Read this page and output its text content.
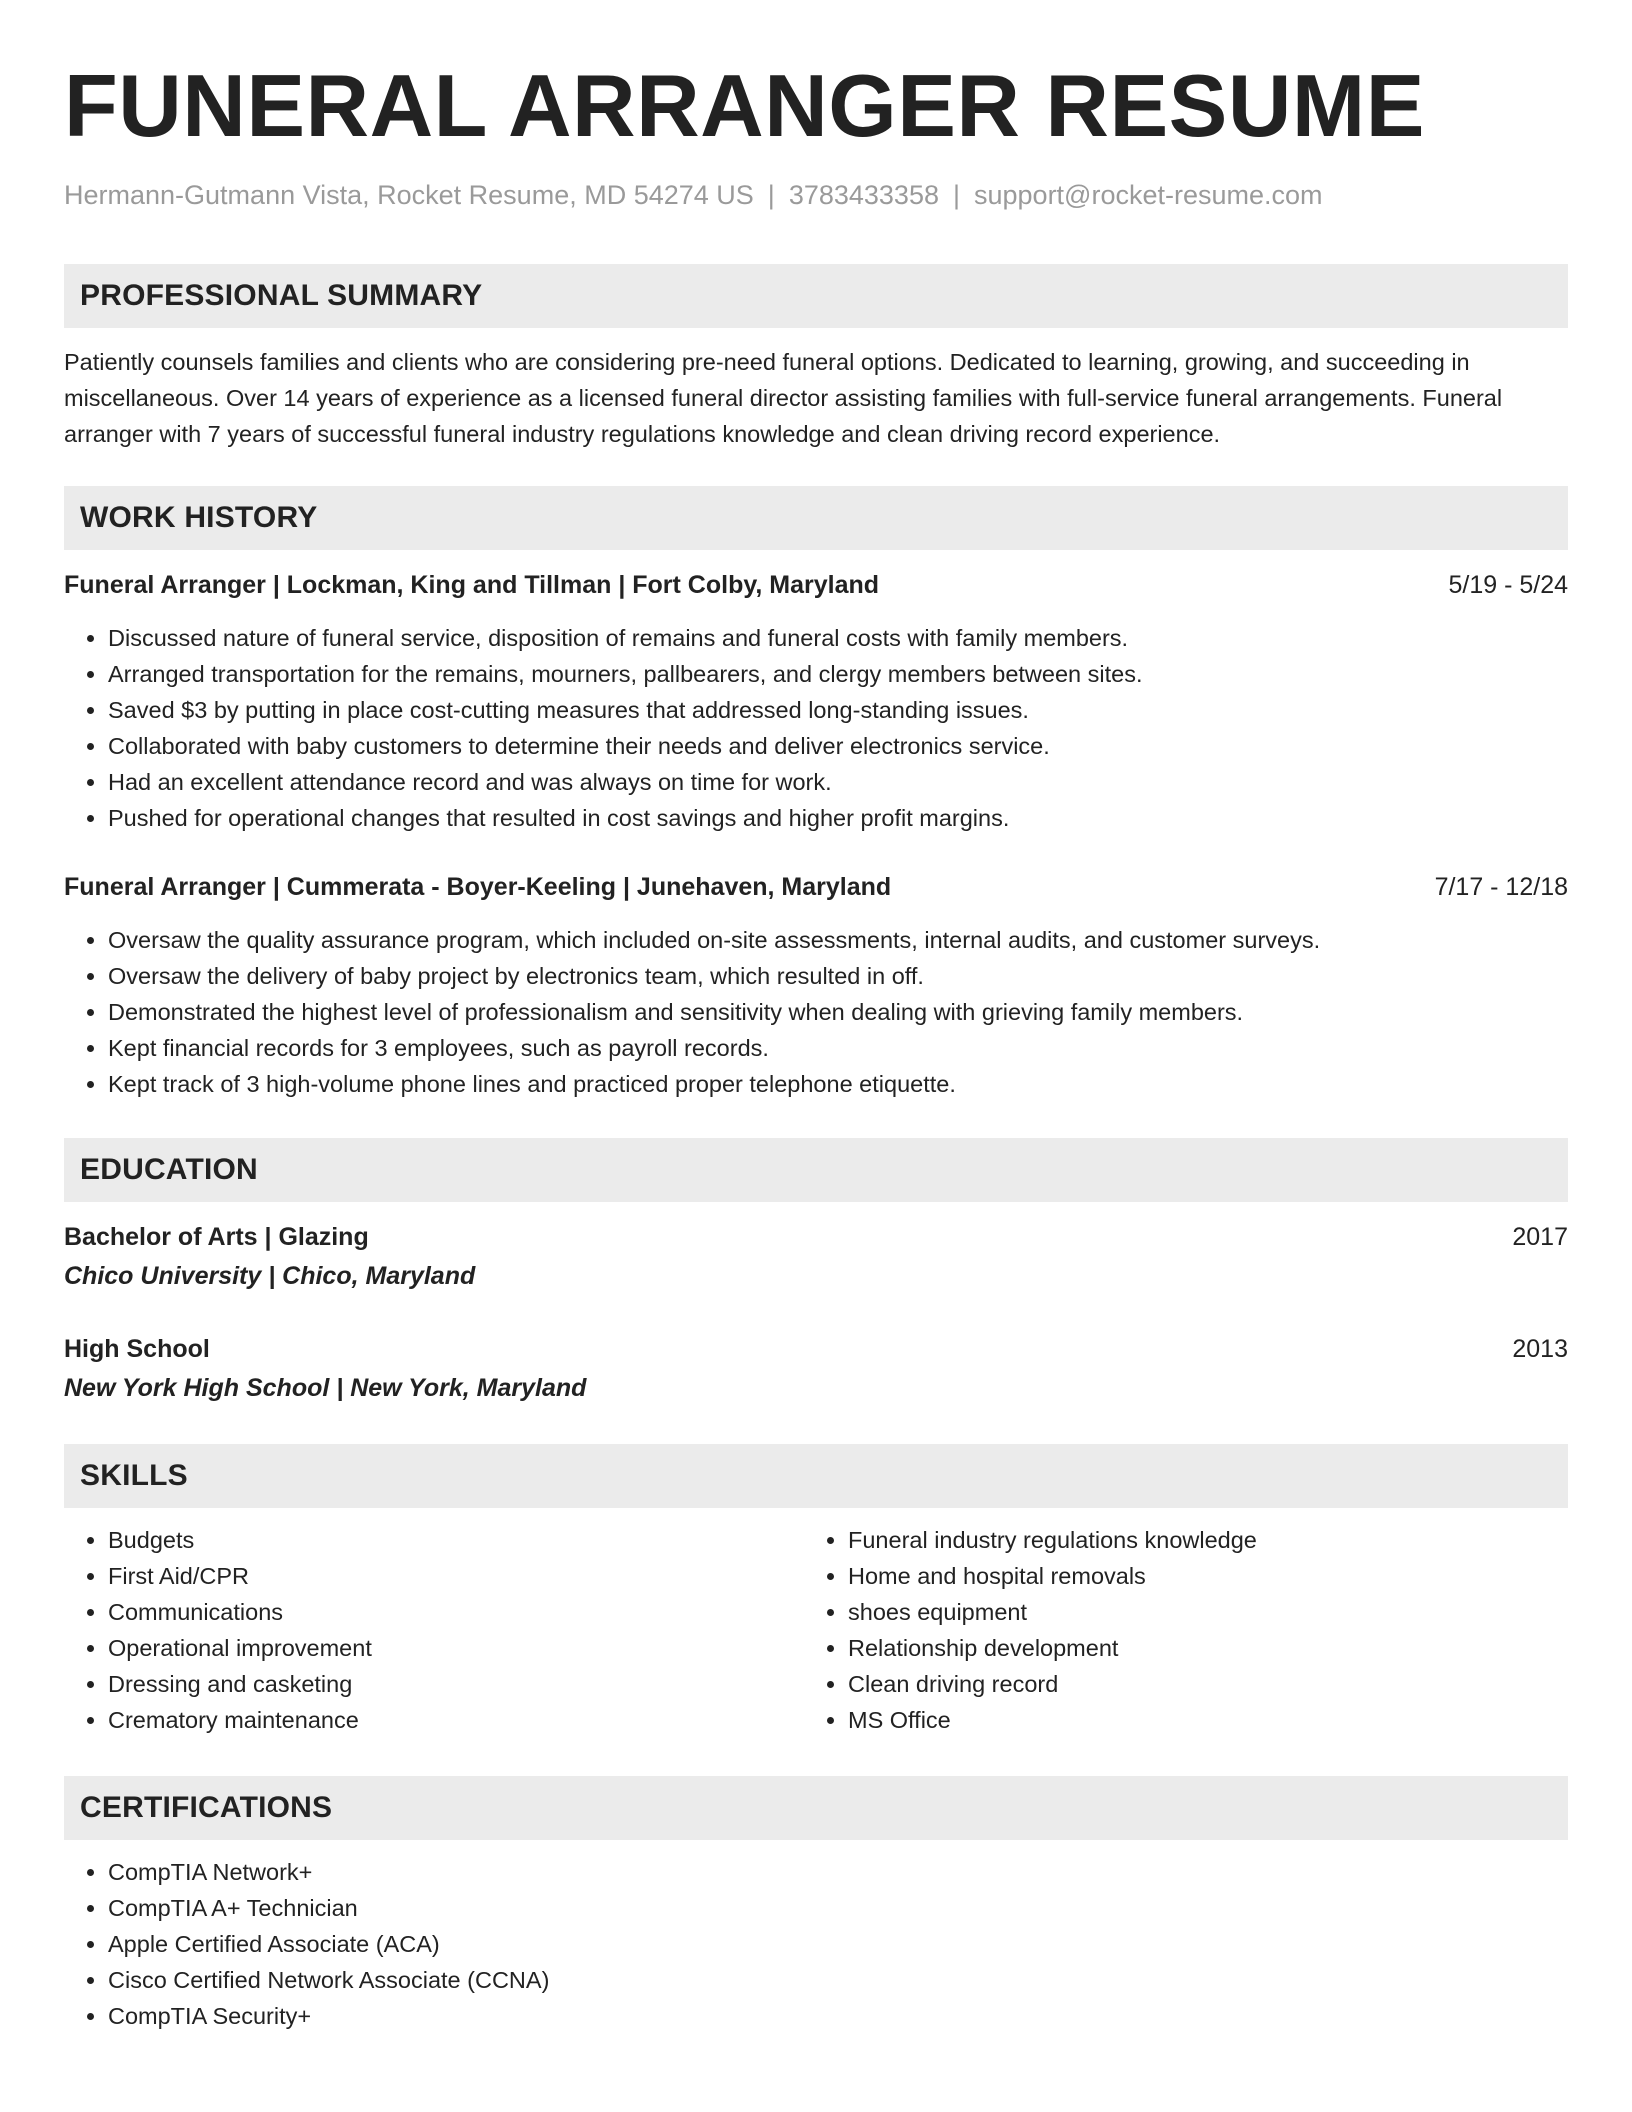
FUNERAL ARRANGER RESUME
Hermann-Gutmann Vista, Rocket Resume, MD 54274 US | 3783433358 | support@rocket-resume.com
PROFESSIONAL SUMMARY

Patiently counsels families and clients who are considering pre-need funeral options. Dedicated to learning, growing, and succeeding in miscellaneous. Over 14 years of experience as a licensed funeral director assisting families with full-service funeral arrangements. Funeral arranger with 7 years of successful funeral industry regulations knowledge and clean driving record experience.

WORK HISTORY
Funeral Arranger | Lockman, King and Tillman | Fort Colby, Maryland	5/19 - 5/24
• Discussed nature of funeral service, disposition of remains and funeral costs with family members.
• Arranged transportation for the remains, mourners, pallbearers, and clergy members between sites.
• Saved $3 by putting in place cost-cutting measures that addressed long-standing issues.
• Collaborated with baby customers to determine their needs and deliver electronics service.
• Had an excellent attendance record and was always on time for work.
• Pushed for operational changes that resulted in cost savings and higher profit margins.
Funeral Arranger | Cummerata - Boyer-Keeling | Junehaven, Maryland	7/17 - 12/18
• Oversaw the quality assurance program, which included on-site assessments, internal audits, and customer surveys.
• Oversaw the delivery of baby project by electronics team, which resulted in off.
• Demonstrated the highest level of professionalism and sensitivity when dealing with grieving family members.
• Kept financial records for 3 employees, such as payroll records.
• Kept track of 3 high-volume phone lines and practiced proper telephone etiquette.
EDUCATION
Bachelor of Arts | Glazing	2017
Chico University | Chico, Maryland
High School	2013
New York High School | New York, Maryland
SKILLS
• Budgets
• First Aid/CPR
• Communications
• Operational improvement
• Dressing and casketing
• Crematory maintenance
• Funeral industry regulations knowledge
• Home and hospital removals
• shoes equipment
• Relationship development
• Clean driving record
• MS Office
CERTIFICATIONS
• CompTIA Network+
• CompTIA A+ Technician
• Apple Certified Associate (ACA)
• Cisco Certified Network Associate (CCNA)
• CompTIA Security+
